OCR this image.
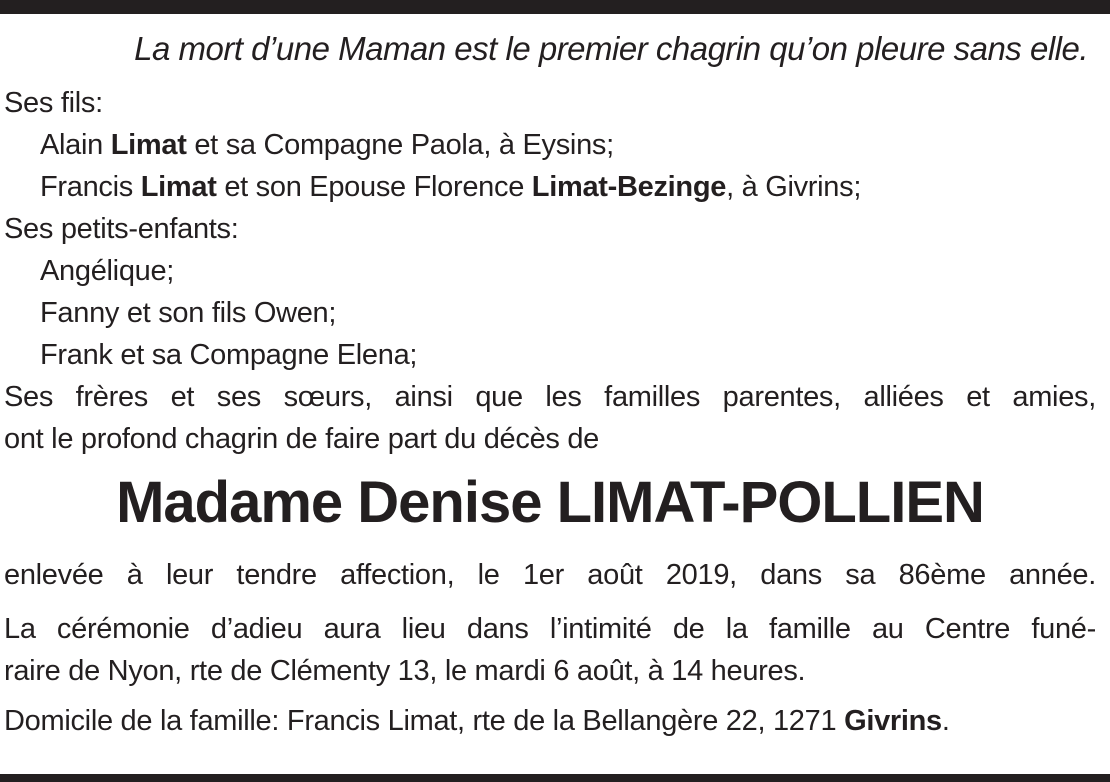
La mort d’une Maman est le premier chagrin qu’on pleure sans elle.
Ses fils:
Alain Limat et sa Compagne Paola, à Eysins;
Francis Limat et son Epouse Florence Limat-Bezinge, à Givrins;
Ses petits-enfants:
Angélique;
Fanny et son fils Owen;
Frank et sa Compagne Elena;
Ses frères et ses sœurs, ainsi que les familles parentes, alliées et amies,
ont le profond chagrin de faire part du décès de
Madame Denise LIMAT-POLLIEN
enlevée à leur tendre affection, le 1er août 2019, dans sa 86ème année.
La cérémonie d’adieu aura lieu dans l’intimité de la famille au Centre funé-
raire de Nyon, rte de Clémenty 13, le mardi 6 août, à 14 heures.
Domicile de la famille: Francis Limat, rte de la Bellangère 22, 1271 Givrins.
